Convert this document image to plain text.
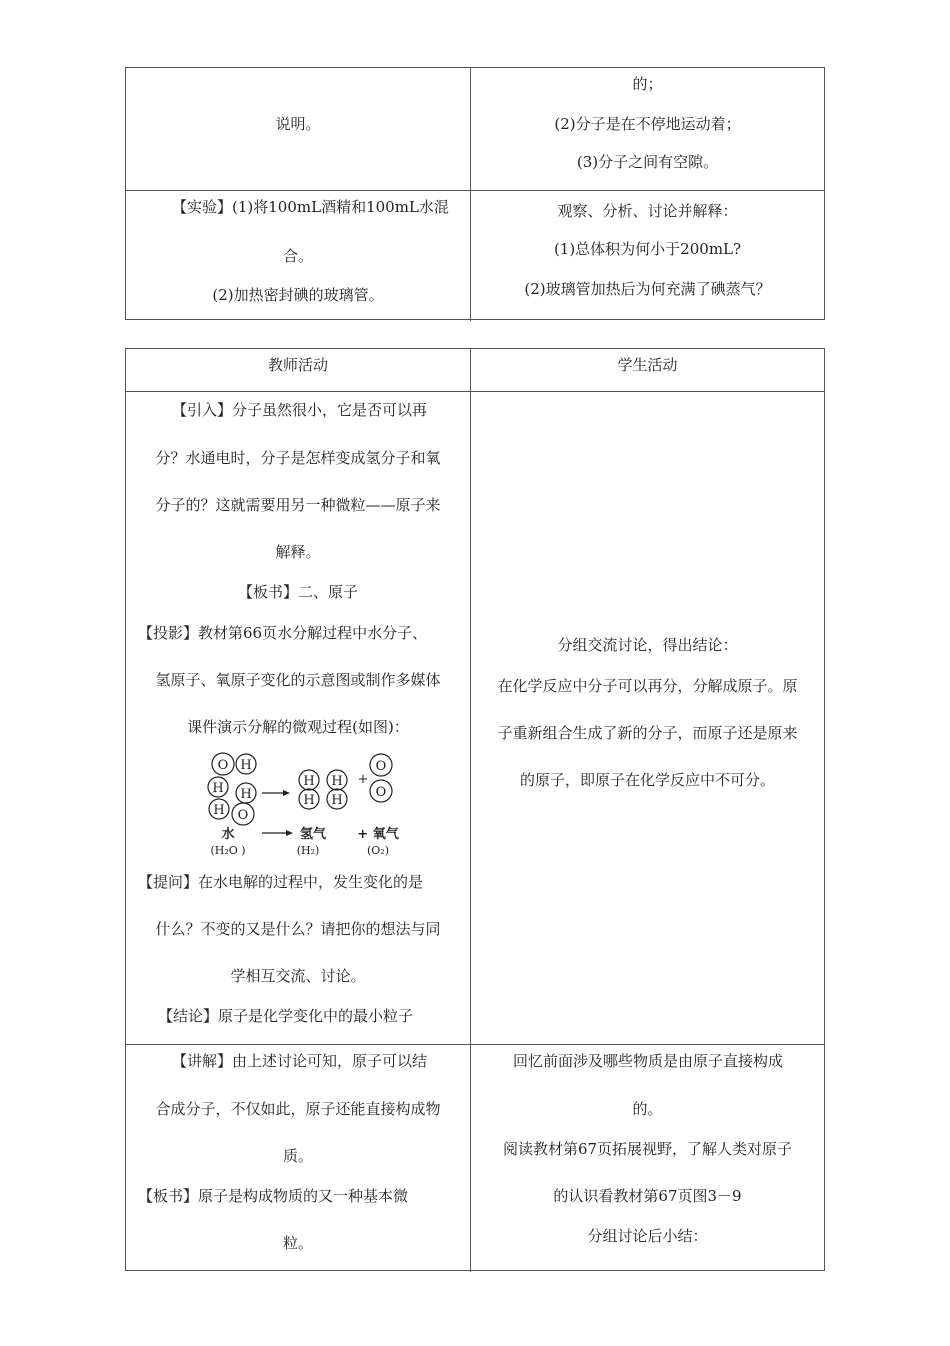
说明。
的；
(2)分子是在不停地运动着；
(3)分子之间有空隙。
【实验】(1)将100mL酒精和100mL水混
合。
(2)加热密封碘的玻璃管。
观察、分析、讨论并解释：
(1)总体积为何小于200mL?
(2)玻璃管加热后为何充满了碘蒸气？
教师活动	学生活动
【引入】分子虽然很小，它是否可以再
分？水通电时，分子是怎样变成氢分子和氧
分子的？这就需要用另一种微粒——原子来
解释。
【板书】二、原子
【投影】教材第66页水分解过程中水分子、
氢原子、氧原子变化的示意图或制作多媒体
课件演示分解的微观过程(如图)：
O H
H H
H O
H
H
H
H
O
O
+
水
(H₂O )
氢气
(H₂)
+ 氧气
(O₂)
【提问】在水电解的过程中，发生变化的是
什么？不变的又是什么？请把你的想法与同
学相互交流、讨论。
【结论】原子是化学变化中的最小粒子
分组交流讨论，得出结论：
在化学反应中分子可以再分，分解成原子。原
子重新组合生成了新的分子，而原子还是原来
的原子，即原子在化学反应中不可分。
【讲解】由上述讨论可知，原子可以结
合成分子，不仅如此，原子还能直接构成物
质。
【板书】原子是构成物质的又一种基本微
粒。
回忆前面涉及哪些物质是由原子直接构成
的。
阅读教材第67页拓展视野，了解人类对原子
的认识看教材第67页图3－9
分组讨论后小结：
